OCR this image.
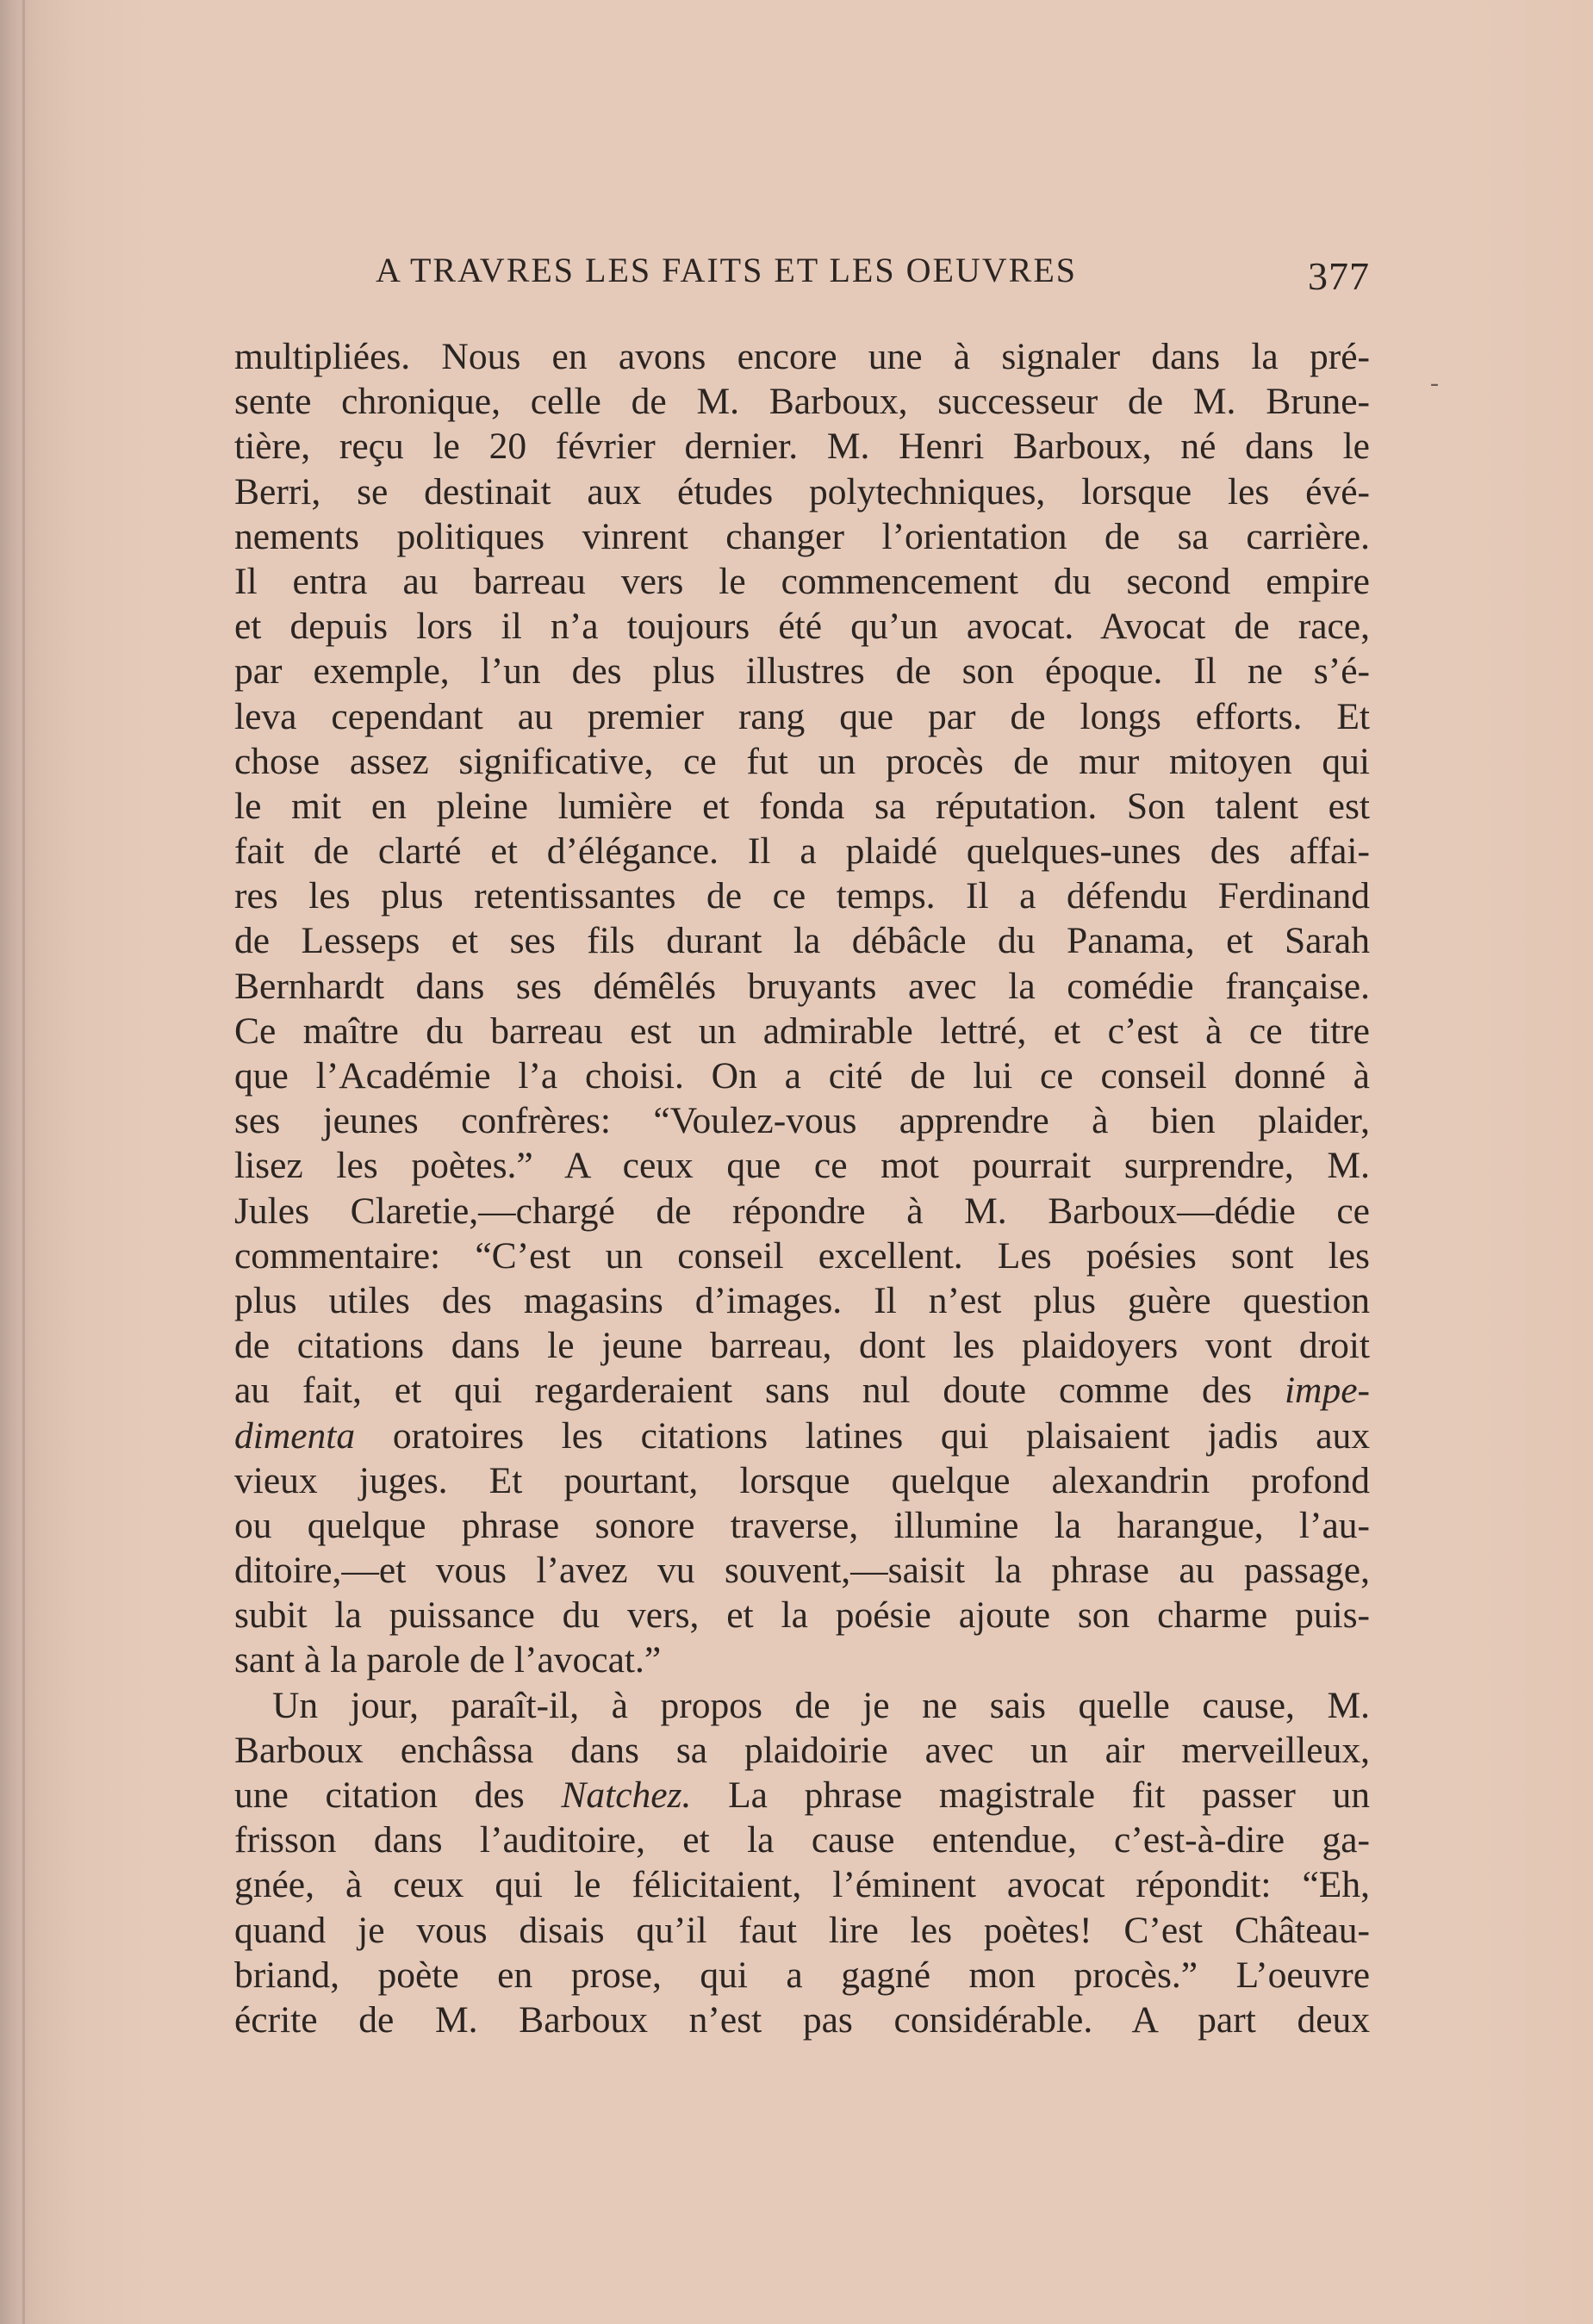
A TRAVRES LES FAITS ET LES OEUVRES	377
multipliées. Nous en avons encore une à signaler dans la pré-
sente chronique, celle de M. Barboux, successeur de M. Brune-
tière, reçu le 20 février dernier. M. Henri Barboux, né dans le
Berri, se destinait aux études polytechniques, lorsque les évé-
nements politiques vinrent changer l’orientation de sa carrière.
Il entra au barreau vers le commencement du second empire
et depuis lors il n’a toujours été qu’un avocat. Avocat de race,
par exemple, l’un des plus illustres de son époque. Il ne s’é-
leva cependant au premier rang que par de longs efforts. Et
chose assez significative, ce fut un procès de mur mitoyen qui
le mit en pleine lumière et fonda sa réputation. Son talent est
fait de clarté et d’élégance. Il a plaidé quelques-unes des affai-
res les plus retentissantes de ce temps. Il a défendu Ferdinand
de Lesseps et ses fils durant la débâcle du Panama, et Sarah
Bernhardt dans ses démêlés bruyants avec la comédie française.
Ce maître du barreau est un admirable lettré, et c’est à ce titre
que l’Académie l’a choisi. On a cité de lui ce conseil donné à
ses jeunes confrères: “Voulez-vous apprendre à bien plaider,
lisez les poètes.” A ceux que ce mot pourrait surprendre, M.
Jules Claretie,—chargé de répondre à M. Barboux—dédie ce
commentaire: “C’est un conseil excellent. Les poésies sont les
plus utiles des magasins d’images. Il n’est plus guère question
de citations dans le jeune barreau, dont les plaidoyers vont droit
au fait, et qui regarderaient sans nul doute comme des impe-
dimenta oratoires les citations latines qui plaisaient jadis aux
vieux juges. Et pourtant, lorsque quelque alexandrin profond
ou quelque phrase sonore traverse, illumine la harangue, l’au-
ditoire,—et vous l’avez vu souvent,—saisit la phrase au passage,
subit la puissance du vers, et la poésie ajoute son charme puis-
sant à la parole de l’avocat.”
Un jour, paraît-il, à propos de je ne sais quelle cause, M.
Barboux enchâssa dans sa plaidoirie avec un air merveilleux,
une citation des Natchez. La phrase magistrale fit passer un
frisson dans l’auditoire, et la cause entendue, c’est-à-dire ga-
gnée, à ceux qui le félicitaient, l’éminent avocat répondit: “Eh,
quand je vous disais qu’il faut lire les poètes! C’est Château-
briand, poète en prose, qui a gagné mon procès.” L’oeuvre
écrite de M. Barboux n’est pas considérable. A part deux
-
